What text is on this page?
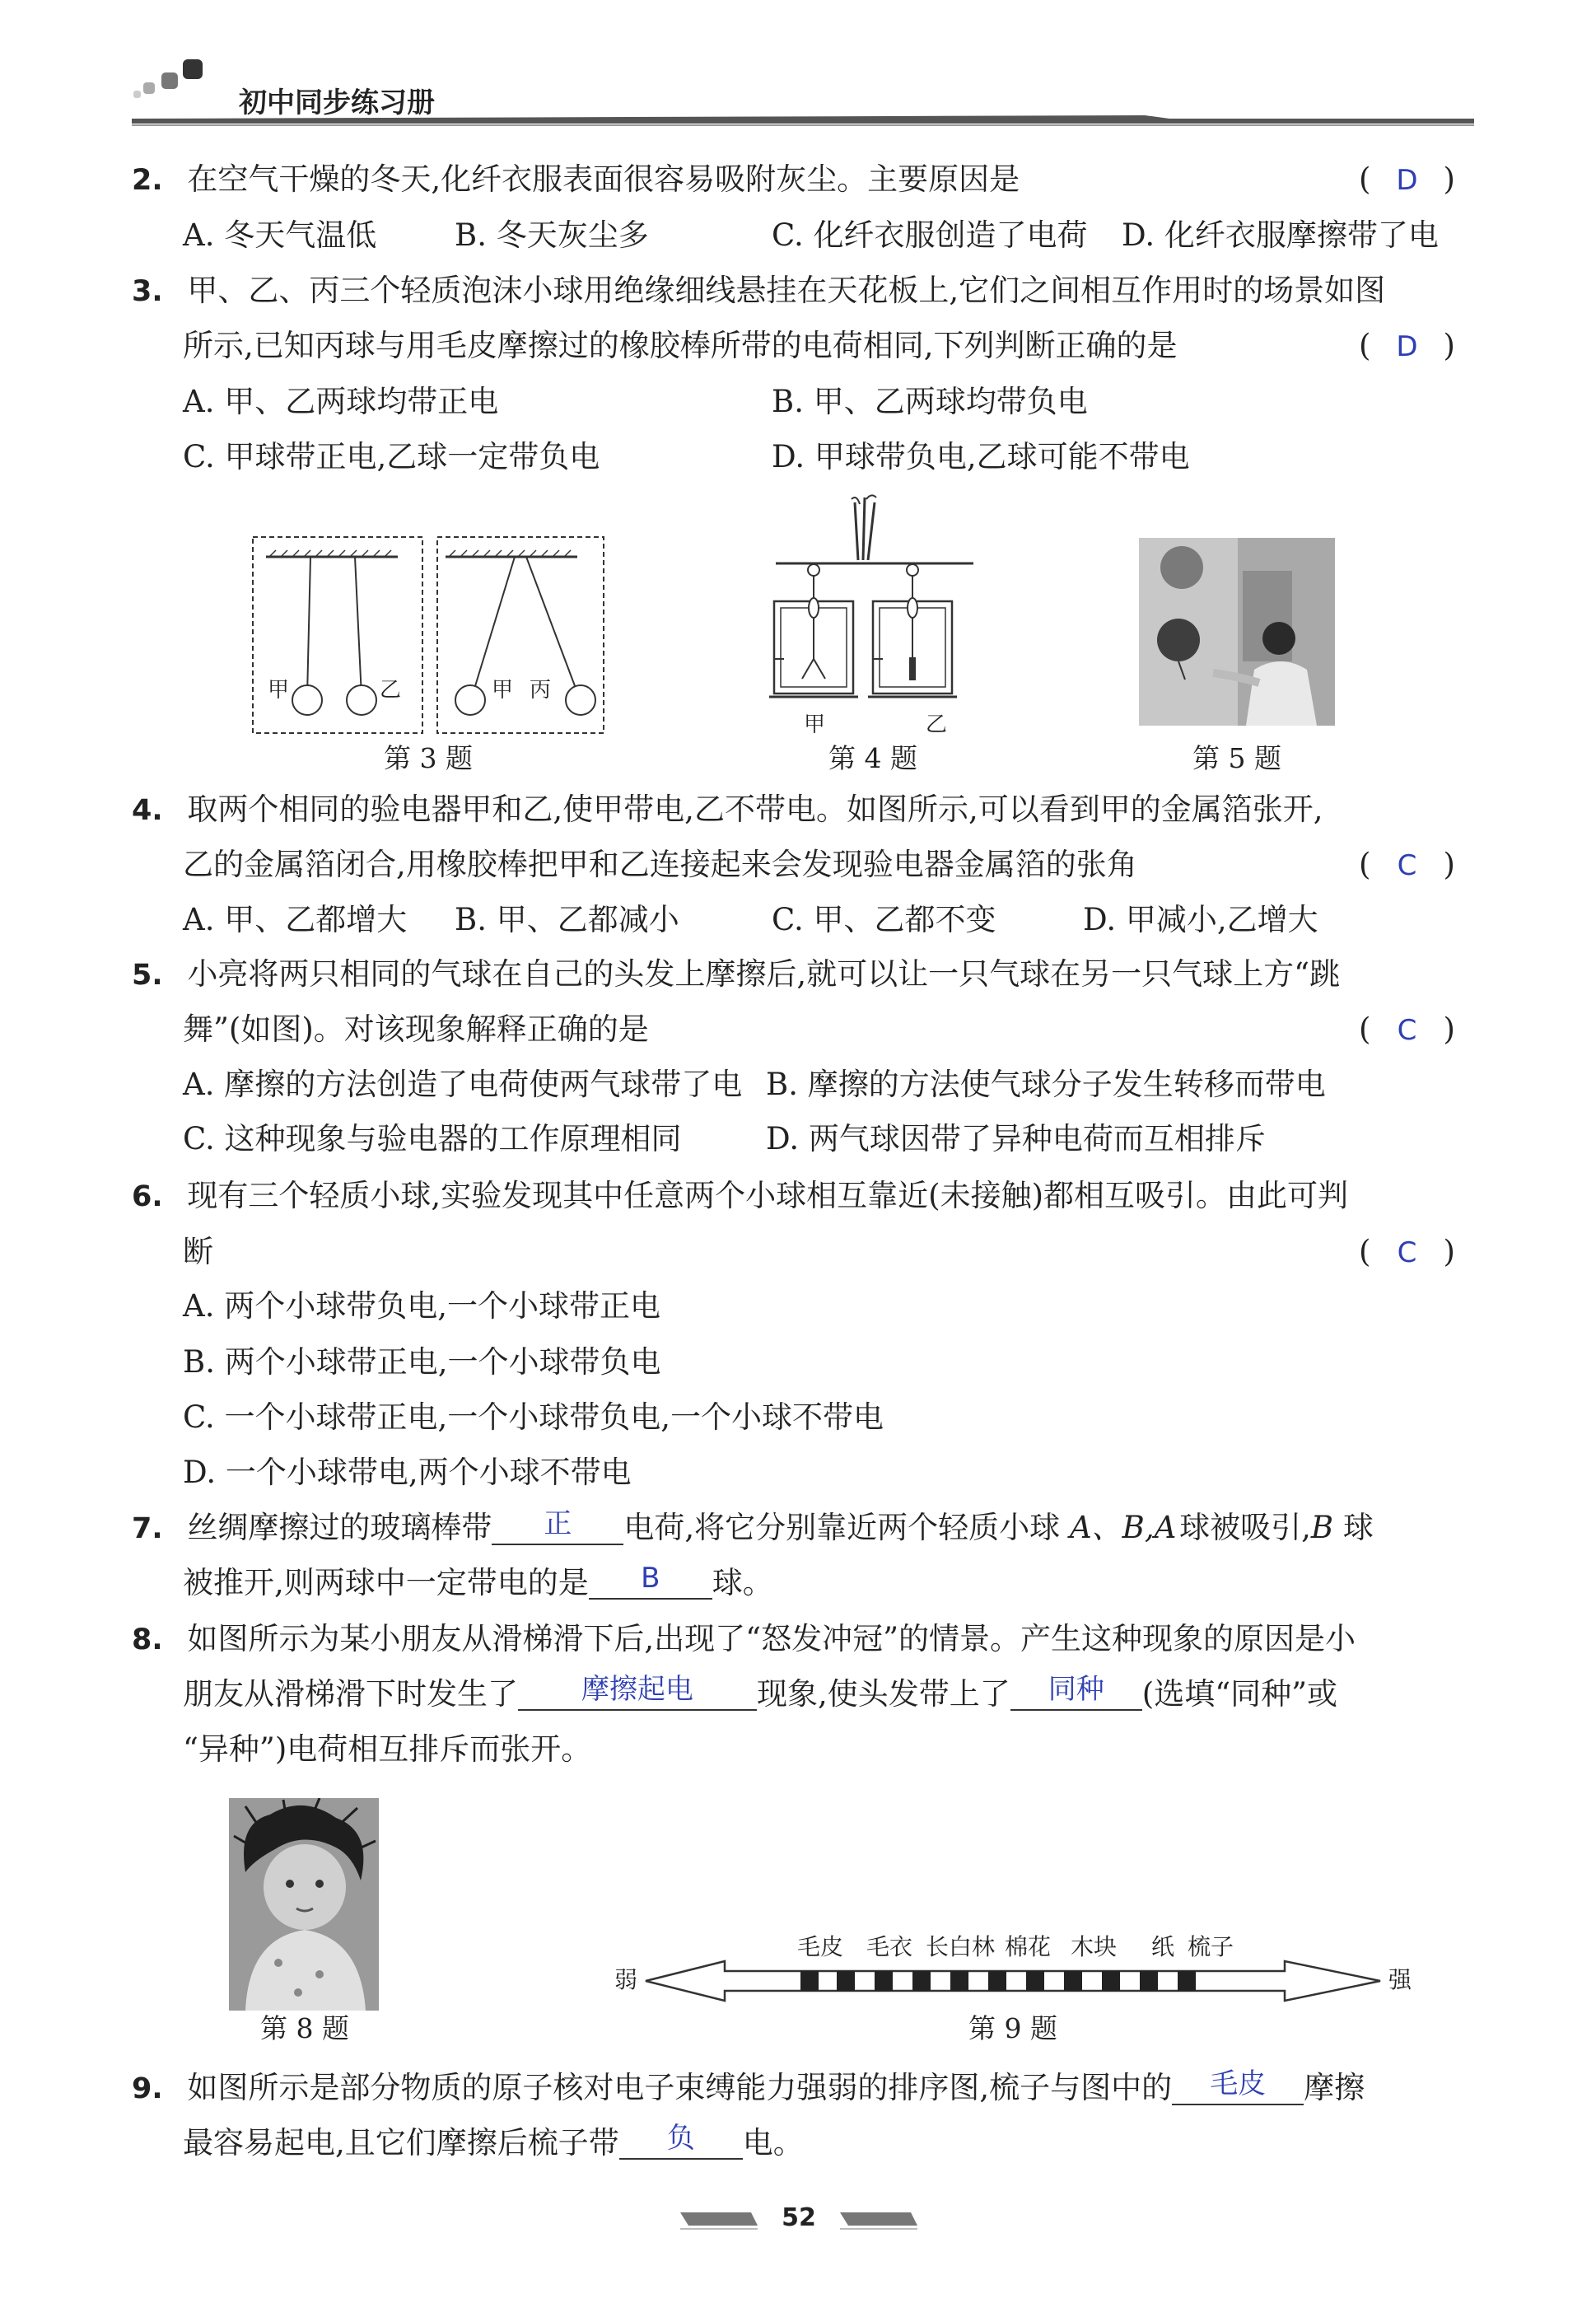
初中同步练习册
2. 在空气干燥的冬天,化纤衣服表面很容易吸附灰尘。主要原因是	( D )
A. 冬天气温低	B. 冬天灰尘多	C. 化纤衣服创造了电荷 D. 化纤衣服摩擦带了电
3. 甲、乙、丙三个轻质泡沫小球用绝缘细线悬挂在天花板上,它们之间相互作用时的场景如图
所示,已知丙球与用毛皮摩擦过的橡胶棒所带的电荷相同,下列判断正确的是	( D )
A. 甲、乙两球均带正电	B. 甲、乙两球均带负电
C. 甲球带正电,乙球一定带负电	D. 甲球带负电,乙球可能不带电
甲	乙	甲 丙
第 3 题
甲	乙
第 4 题	第 5 题
4. 取两个相同的验电器甲和乙,使甲带电,乙不带电。如图所示,可以看到甲的金属箔张开,
乙的金属箔闭合,用橡胶棒把甲和乙连接起来会发现验电器金属箔的张角	( C )
A. 甲、乙都增大 B. 甲、乙都减小	C. 甲、乙都不变	D. 甲减小,乙增大
5. 小亮将两只相同的气球在自己的头发上摩擦后,就可以让一只气球在另一只气球上方“跳
舞”(如图)。对该现象解释正确的是	( C )
A. 摩擦的方法创造了电荷使两气球带了电 B. 摩擦的方法使气球分子发生转移而带电
C. 这种现象与验电器的工作原理相同	D. 两气球因带了异种电荷而互相排斥
6. 现有三个轻质小球,实验发现其中任意两个小球相互靠近(未接触)都相互吸引。由此可判
断	( C )
A. 两个小球带负电,一个小球带正电
B. 两个小球带正电,一个小球带负电
C. 一个小球带正电,一个小球带负电,一个小球不带电
D. 一个小球带电,两个小球不带电
7. 丝绸摩擦过的玻璃棒带	正	电荷,将它分别靠近两个轻质小球 A、B,A 球被吸引,B 球
被推开,则两球中一定带电的是	B	球。
8. 如图所示为某小朋友从滑梯滑下后,出现了“怒发冲冠”的情景。产生这种现象的原因是小
朋友从滑梯滑下时发生了	摩擦起电	现象,使头发带上了	同种	(选填“同种”或
“异种”)电荷相互排斥而张开。
第 8 题
弱	强
毛皮 毛衣 长白林 棉花 木块 纸 梳子
第 9 题
9. 如图所示是部分物质的原子核对电子束缚能力强弱的排序图,梳子与图中的	毛皮	摩擦
最容易起电,且它们摩擦后梳子带	负	电。
52
